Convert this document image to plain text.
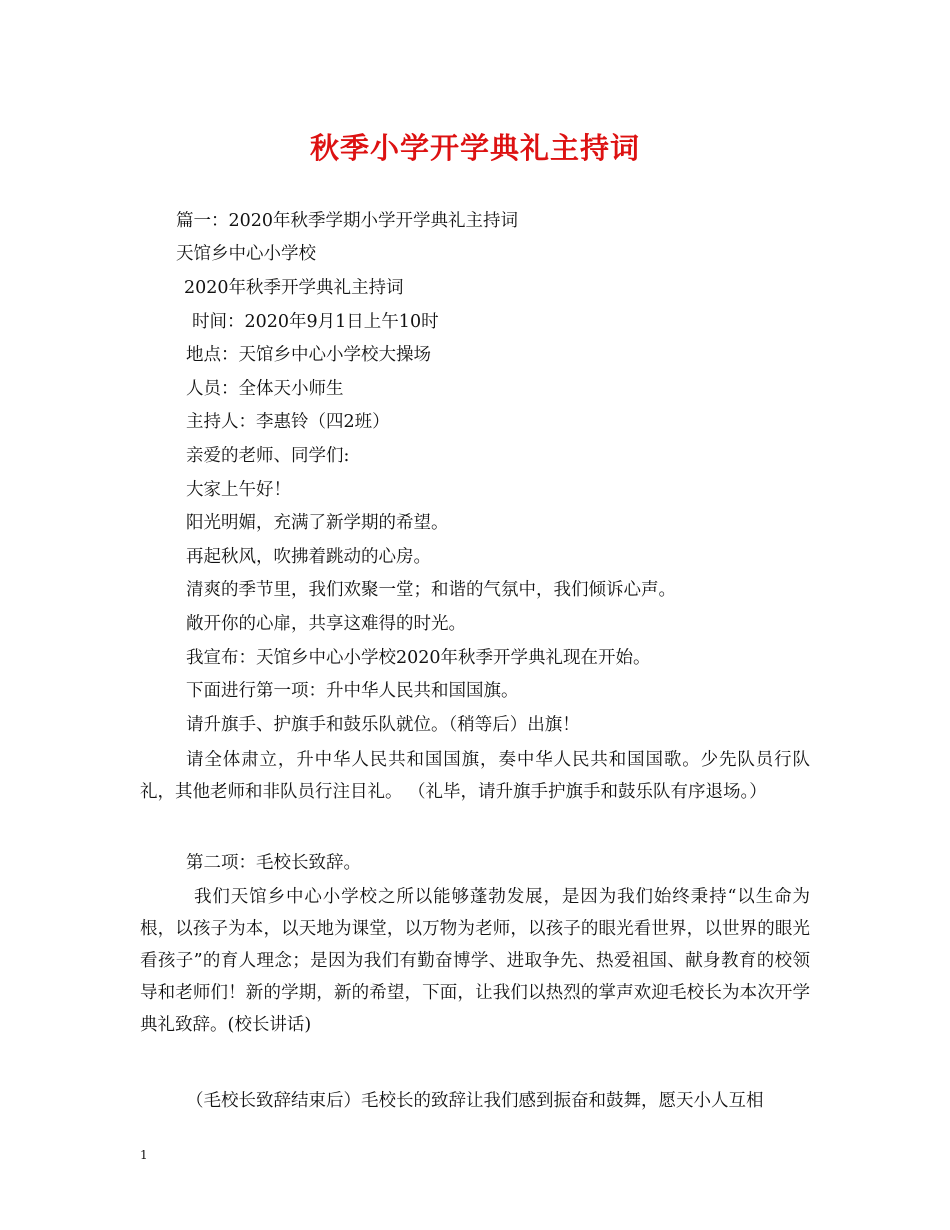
秋季小学开学典礼主持词
篇一：2020年秋季学期小学开学典礼主持词
天馆乡中心小学校
2020年秋季开学典礼主持词
时间：2020年9月1日上午10时
地点：天馆乡中心小学校大操场
人员：全体天小师生
主持人：李惠铃（四2班）
亲爱的老师、同学们:
大家上午好！
阳光明媚，充满了新学期的希望。
再起秋风，吹拂着跳动的心房。
清爽的季节里，我们欢聚一堂；和谐的气氛中，我们倾诉心声。
敞开你的心扉，共享这难得的时光。
我宣布：天馆乡中心小学校2020年秋季开学典礼现在开始。
下面进行第一项：升中华人民共和国国旗。
请升旗手、护旗手和鼓乐队就位。（稍等后）出旗！
请全体肃立，升中华人民共和国国旗，奏中华人民共和国国歌。少先队员行队礼，其他老师和非队员行注目礼。 （礼毕，请升旗手护旗手和鼓乐队有序退场。）
第二项：毛校长致辞。
我们天馆乡中心小学校之所以能够蓬勃发展，是因为我们始终秉持“以生命为根，以孩子为本，以天地为课堂，以万物为老师，以孩子的眼光看世界，以世界的眼光看孩子”的育人理念；是因为我们有勤奋博学、进取争先、热爱祖国、献身教育的校领导和老师们！新的学期，新的希望，下面，让我们以热烈的掌声欢迎毛校长为本次开学典礼致辞。(校长讲话)
（毛校长致辞结束后）毛校长的致辞让我们感到振奋和鼓舞，愿天小人互相
1
